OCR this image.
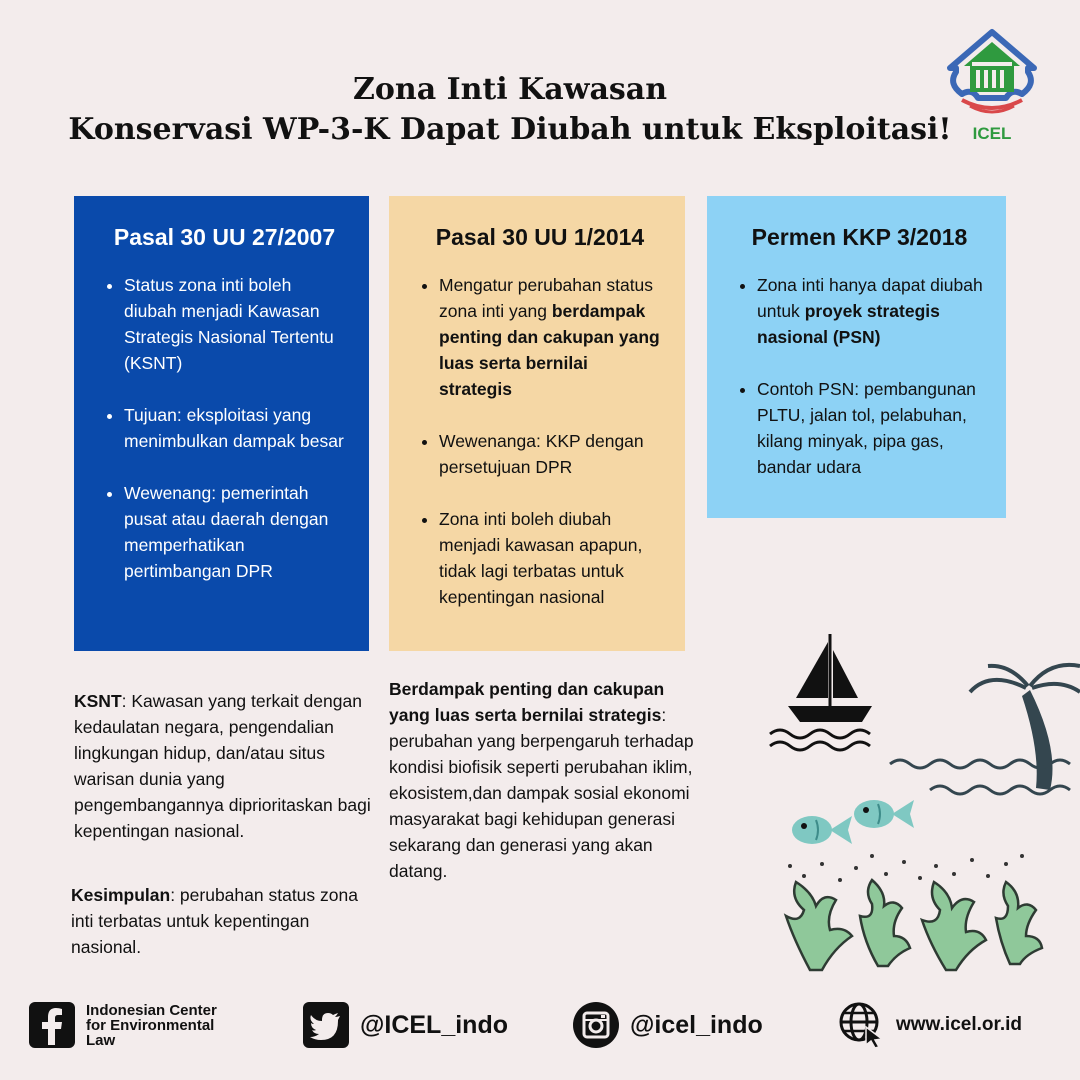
Zona Inti Kawasan
Konservasi WP-3-K Dapat Diubah untuk Eksploitasi!	ICEL
Pasal 30 UU 27/2007
• Status zona inti boleh diubah menjadi Kawasan Strategis Nasional Tertentu (KSNT)
• Tujuan: eksploitasi yang menimbulkan dampak besar
• Wewenang: pemerintah pusat atau daerah dengan memperhatikan pertimbangan DPR
Pasal 30 UU 1/2014
• Mengatur perubahan status zona inti yang berdampak penting dan cakupan yang luas serta bernilai strategis
• Wewenanga: KKP dengan persetujuan DPR
• Zona inti boleh diubah menjadi kawasan apapun, tidak lagi terbatas untuk kepentingan nasional
Permen KKP 3/2018
• Zona inti hanya dapat diubah untuk proyek strategis nasional (PSN)
• Contoh PSN: pembangunan PLTU, jalan tol, pelabuhan, kilang minyak, pipa gas, bandar udara
KSNT: Kawasan yang terkait dengan kedaulatan negara, pengendalian lingkungan hidup, dan/atau situs warisan dunia yang pengembangannya diprioritaskan bagi kepentingan nasional.
Kesimpulan: perubahan status zona inti terbatas untuk kepentingan nasional.
Berdampak penting dan cakupan yang luas serta bernilai strategis: perubahan yang berpengaruh terhadap kondisi biofisik seperti perubahan iklim, ekosistem,dan dampak sosial ekonomi masyarakat bagi kehidupan generasi sekarang dan generasi yang akan datang.
Indonesian Center
for Environmental
Law
@ICEL_indo	@icel_indo	www.icel.or.id
